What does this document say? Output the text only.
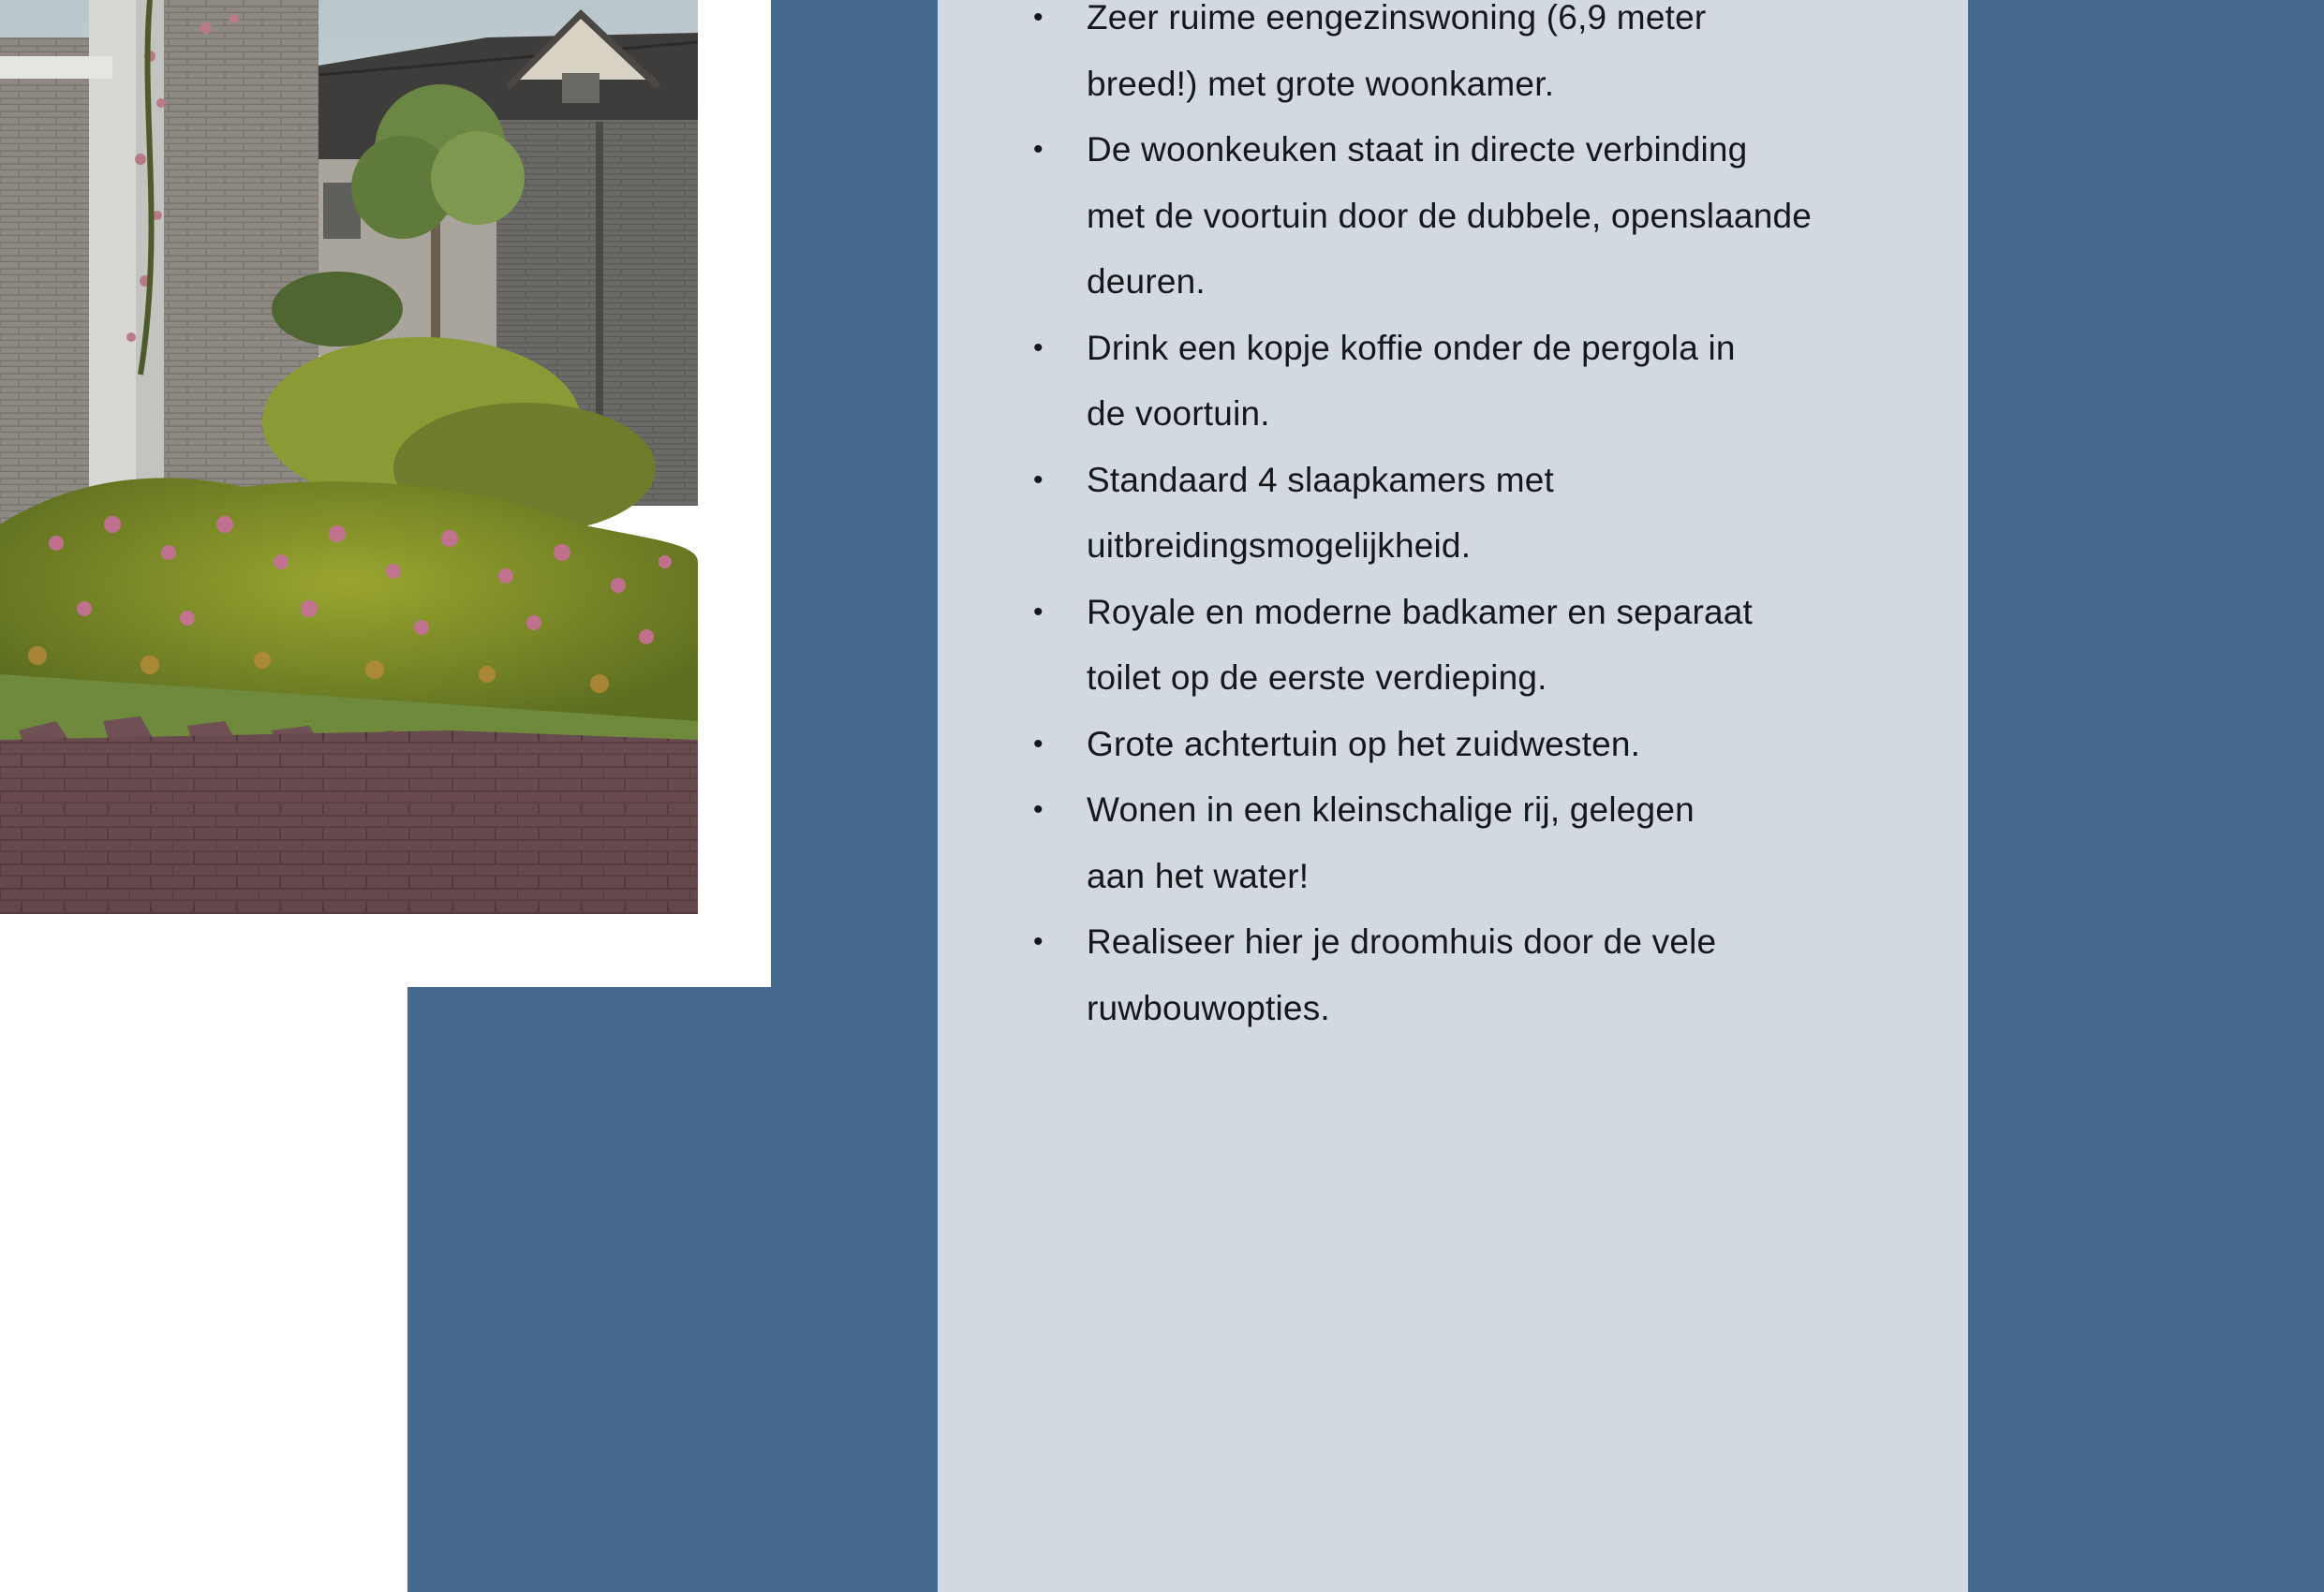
• Zeer ruime eengezinswoning (6,9 meter
breed!) met grote woonkamer.
• De woonkeuken staat in directe verbinding
met de voortuin door de dubbele, openslaande
deuren.
• Drink een kopje koffie onder de pergola in
de voortuin.
• Standaard 4 slaapkamers met
uitbreidingsmogelijkheid.
• Royale en moderne badkamer en separaat
toilet op de eerste verdieping.
• Grote achtertuin op het zuidwesten.
• Wonen in een kleinschalige rij, gelegen
aan het water!
• Realiseer hier je droomhuis door de vele
ruwbouwopties.
